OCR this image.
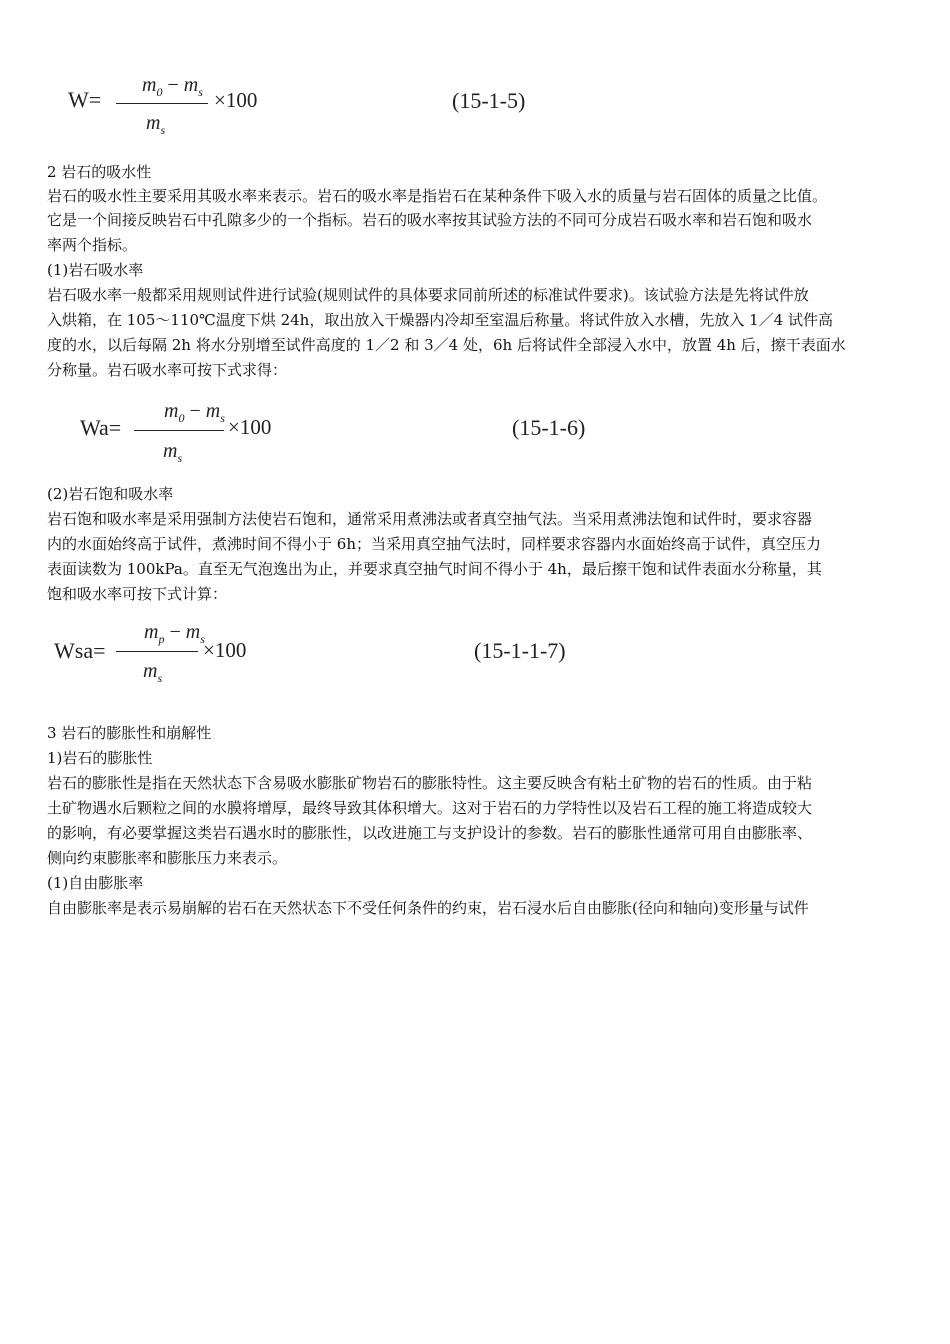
W=
$m_0 - m_s$
$m_s$
×100	(15-1-5)
2 岩石的吸水性
岩石的吸水性主要采用其吸水率来表示。岩石的吸水率是指岩石在某种条件下吸入水的质量与岩石固体的质量之比值。
它是一个间接反映岩石中孔隙多少的一个指标。岩石的吸水率按其试验方法的不同可分成岩石吸水率和岩石饱和吸水
率两个指标。
(1)岩石吸水率
岩石吸水率一般都采用规则试件进行试验(规则试件的具体要求同前所述的标准试件要求)。该试验方法是先将试件放
入烘箱，在 105～110℃温度下烘 24h，取出放入干燥器内冷却至室温后称量。将试件放入水槽，先放入 1／4 试件高
度的水，以后每隔 2h 将水分别增至试件高度的 1／2 和 3／4 处，6h 后将试件全部浸入水中，放置 4h 后，擦干表面水
分称量。岩石吸水率可按下式求得：
Wa=
$m_0 - m_s$
$m_s$
×100	(15-1-6)
(2)岩石饱和吸水率
岩石饱和吸水率是采用强制方法使岩石饱和，通常采用煮沸法或者真空抽气法。当采用煮沸法饱和试件时，要求容器
内的水面始终高于试件，煮沸时间不得小于 6h；当采用真空抽气法时，同样要求容器内水面始终高于试件，真空压力
表面读数为 100kPa。直至无气泡逸出为止，并要求真空抽气时间不得小于 4h，最后擦干饱和试件表面水分称量，其
饱和吸水率可按下式计算：
Wsa=
$m_p - m_s$
$m_s$
×100	(15-1-1-7)
3 岩石的膨胀性和崩解性
1)岩石的膨胀性
岩石的膨胀性是指在天然状态下含易吸水膨胀矿物岩石的膨胀特性。这主要反映含有粘土矿物的岩石的性质。由于粘
土矿物遇水后颗粒之间的水膜将增厚，最终导致其体积增大。这对于岩石的力学特性以及岩石工程的施工将造成较大
的影响，有必要掌握这类岩石遇水时的膨胀性，以改进施工与支护设计的参数。岩石的膨胀性通常可用自由膨胀率、
侧向约束膨胀率和膨胀压力来表示。
(1)自由膨胀率
自由膨胀率是表示易崩解的岩石在天然状态下不受任何条件的约束，岩石浸水后自由膨胀(径向和轴向)变形量与试件
